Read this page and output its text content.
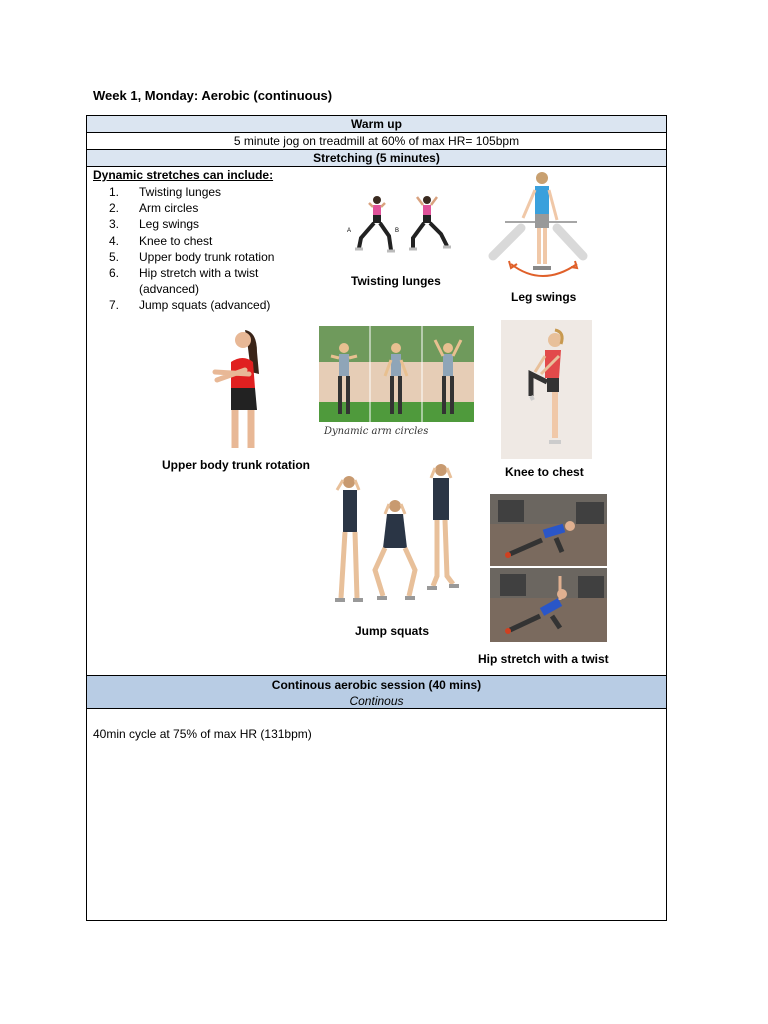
Week 1, Monday: Aerobic (continuous)
Warm up
5 minute jog on treadmill at 60% of max HR= 105bpm
Stretching (5 minutes)
Dynamic stretches can include:
1.	Twisting lunges
2.	Arm circles
3.	Leg swings
4.	Knee to chest
5.	Upper body trunk rotation
6.	Hip stretch with a twist (advanced)
7.	Jump squats (advanced)
A	B
Twisting lunges
Leg swings
Upper body trunk rotation
Dynamic arm circles
Knee to chest
Jump squats
Hip stretch with a twist
Continous aerobic session (40 mins)
Continous
40min cycle at 75% of max HR (131bpm)
